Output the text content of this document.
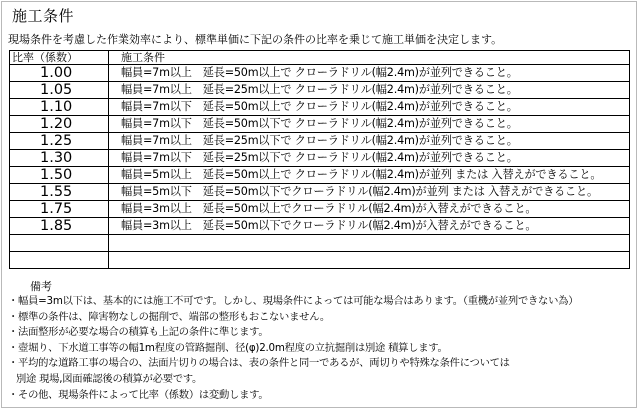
施工条件
現場条件を考慮した作業効率により、標準単価に下記の条件の比率を乗じて施工単価を決定します。
比率（係数）	施工条件
1.00	幅員=7m以上　延長=50m以上で クローラドリル(幅2.4m)が並列できること。
1.05	幅員=7m以上　延長=25m以上で クローラドリル(幅2.4m)が並列できること。
1.10	幅員=7m以下　延長=50m以上で クローラドリル(幅2.4m)が並列できること。
1.20	幅員=7m以下　延長=50m以下で クローラドリル(幅2.4m)が並列できること。
1.25	幅員=7m以上　延長=25m以下で クローラドリル(幅2.4m)が並列できること。
1.30	幅員=7m以下　延長=25m以下で クローラドリル(幅2.4m)が並列できること。
1.50	幅員=5m以上　延長=50m以上で クローラドリル(幅2.4m)が並列 または 入替えができること。
1.55	幅員=5m以下　延長=50m以下でクローラドリル(幅2.4m)が並列 または 入替えができること。
1.75	幅員=3m以上　延長=50m以上でクローラドリル(幅2.4m)が入替えができること。
1.85	幅員=3m以上　延長=50m以下でクローラドリル(幅2.4m)が入替えができること。

備考
・幅員=3m以下は、基本的には施工不可です。しかし、現場条件によっては可能な場合はあります。（重機が並列できない為）
・標準の条件は、障害物なしの掘削で、端部の整形もおこないません。
・法面整形が必要な場合の積算も上記の条件に準じます。
・壺堀り、下水道工事等の幅1m程度の管路掘削、径(φ)2.0m程度の立抗掘削は別途 積算します。
・平均的な道路工事の場合の、法面片切りの場合は、表の条件と同一であるが、両切りや特殊な条件については
別途 現場,図面確認後の積算が必要です。
・その他、現場条件によって比率（係数）は変動します。
